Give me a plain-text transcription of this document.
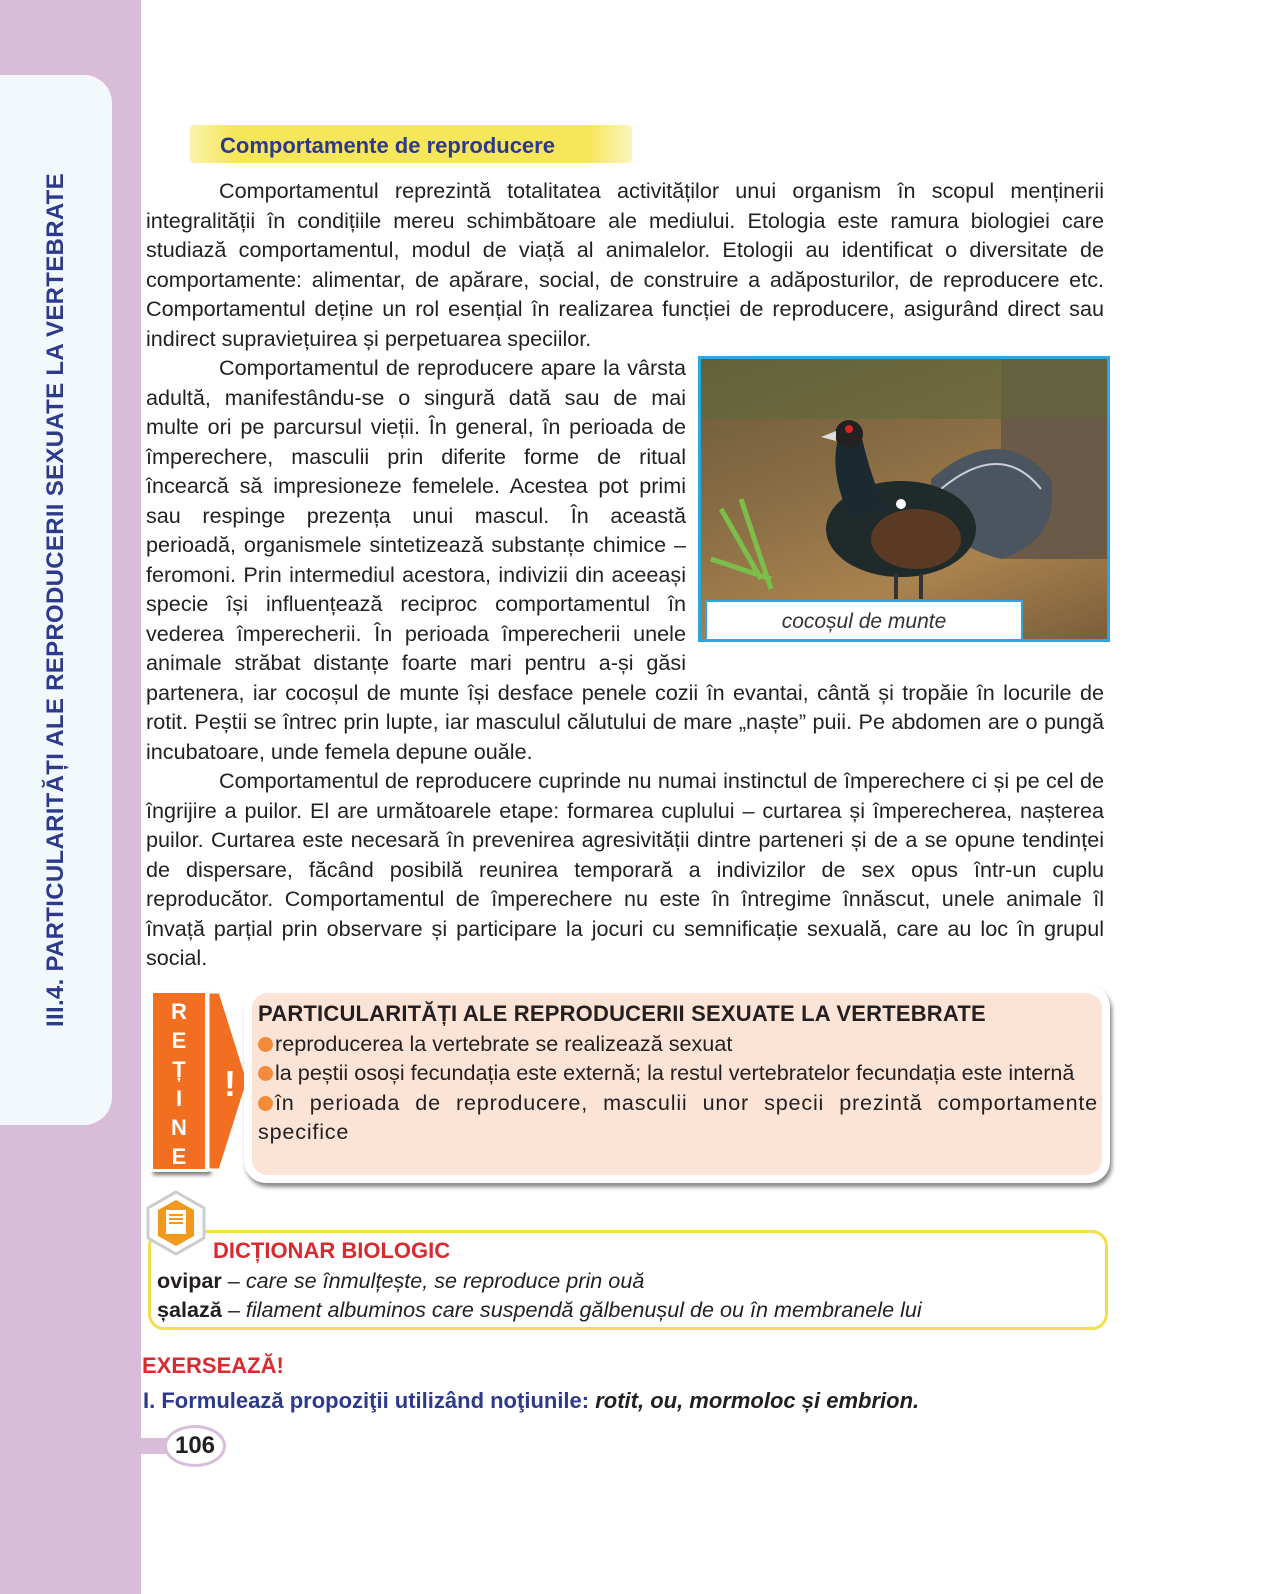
III.4. PARTICULARITĂȚI ALE REPRODUCERII SEXUATE LA VERTEBRATE
Comportamente de reproducere

Comportamentul reprezintă totalitatea activităților unui organism în scopul menținerii integralității în condițiile mereu schimbătoare ale mediului. Etologia este ramura biologiei care studiază comportamentul, modul de viață al animalelor. Etologii au identificat o diversitate de comportamente: alimentar, de apărare, social, de construire a adăposturilor, de reproducere etc. Comportamentul deține un rol esențial în realizarea funcției de reproducere, asigurând direct sau indirect supraviețuirea și perpetuarea speciilor.

cocoșul de munte

Comportamentul de reproducere apare la vârsta adultă, manifestându-se o singură dată sau de mai multe ori pe parcursul vieții. În general, în perioada de împerechere, masculii prin diferite forme de ritual încearcă să impresioneze femelele. Acestea pot primi sau respinge prezența unui mascul. În această perioadă, organismele sintetizează substanțe chimice – feromoni. Prin intermediul acestora, indivizii din aceeași specie își influențează reciproc comportamentul în vederea împerecherii. În perioada împerecherii unele animale străbat distanțe foarte mari pentru a-și găsi partenera, iar cocoșul de munte își desface penele cozii în evantai, cântă și tropăie în locurile de rotit. Peștii se întrec prin lupte, iar masculul călutului de mare „naște” puii. Pe abdomen are o pungă incubatoare, unde femela depune ouăle.

Comportamentul de reproducere cuprinde nu numai instinctul de împerechere ci și pe cel de îngrijire a puilor. El are următoarele etape: formarea cuplului – curtarea și împerecherea, nașterea puilor. Curtarea este necesară în prevenirea agresivității dintre parteneri și de a se opune tendinței de dispersare, făcând posibilă reunirea temporară a indivizilor de sex opus într-un cuplu reproducător. Comportamentul de împerechere nu este în întregime înnăscut, unele animale îl învață parțial prin observare și participare la jocuri cu semnificație sexuală, care au loc în grupul social.

R
E
Ț
I
N
E
!
PARTICULARITĂȚI ALE REPRODUCERII SEXUATE LA VERTEBRATE
reproducerea la vertebrate se realizează sexuat
la peștii osoși fecundația este externă; la restul vertebratelor fecundația este internă
în perioada de reproducere, masculii unor specii prezintă comportamente specifice
DICȚIONAR BIOLOGIC
ovipar – care se înmulțește, se reproduce prin ouă
șalază – filament albuminos care suspendă gălbenușul de ou în membranele lui
EXERSEAZĂ!
I. Formulează propoziţii utilizând noţiunile: rotit, ou, mormoloc și embrion.
106
